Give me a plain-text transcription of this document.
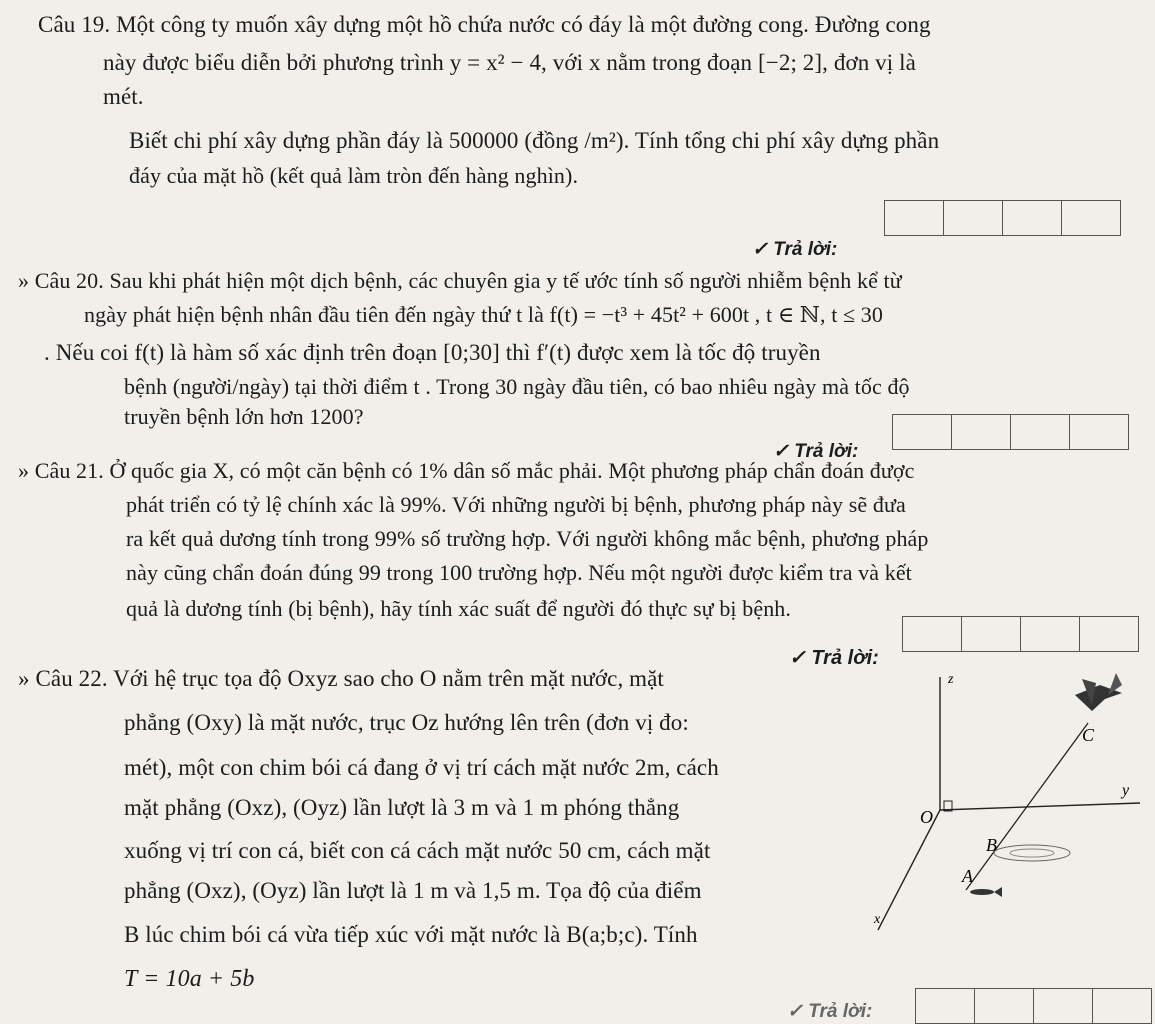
Câu 19. Một công ty muốn xây dựng một hồ chứa nước có đáy là một đường cong. Đường cong
này được biểu diễn bởi phương trình y = x² − 4, với x nằm trong đoạn [−2; 2], đơn vị là
mét.
Biết chi phí xây dựng phần đáy là 500000 (đồng /m²). Tính tổng chi phí xây dựng phần
đáy của mặt hồ (kết quả làm tròn đến hàng nghìn).
✓ Trả lời:
» Câu 20. Sau khi phát hiện một dịch bệnh, các chuyên gia y tế ước tính số người nhiễm bệnh kể từ
ngày phát hiện bệnh nhân đầu tiên đến ngày thứ t là f(t) = −t³ + 45t² + 600t , t ∈ ℕ, t ≤ 30
. Nếu coi f(t) là hàm số xác định trên đoạn [0;30] thì f′(t) được xem là tốc độ truyền
bệnh (người/ngày) tại thời điểm t . Trong 30 ngày đầu tiên, có bao nhiêu ngày mà tốc độ
truyền bệnh lớn hơn 1200?
✓ Trả lời:
» Câu 21. Ở quốc gia X, có một căn bệnh có 1% dân số mắc phải. Một phương pháp chẩn đoán được
phát triển có tỷ lệ chính xác là 99%. Với những người bị bệnh, phương pháp này sẽ đưa
ra kết quả dương tính trong 99% số trường hợp. Với người không mắc bệnh, phương pháp
này cũng chẩn đoán đúng 99 trong 100 trường hợp. Nếu một người được kiểm tra và kết
quả là dương tính (bị bệnh), hãy tính xác suất để người đó thực sự bị bệnh.
✓ Trả lời:
» Câu 22. Với hệ trục tọa độ Oxyz sao cho O nằm trên mặt nước, mặt
phẳng (Oxy) là mặt nước, trục Oz hướng lên trên (đơn vị đo:
mét), một con chim bói cá đang ở vị trí cách mặt nước 2m, cách
mặt phẳng (Oxz), (Oyz) lần lượt là 3 m và 1 m phóng thẳng
xuống vị trí con cá, biết con cá cách mặt nước 50 cm, cách mặt
phẳng (Oxz), (Oyz) lần lượt là 1 m và 1,5 m. Tọa độ của điểm
B lúc chim bói cá vừa tiếp xúc với mặt nước là B(a;b;c). Tính
T = 10a + 5b
✓ Trả lời:
z
C
y
O
B
A
x
